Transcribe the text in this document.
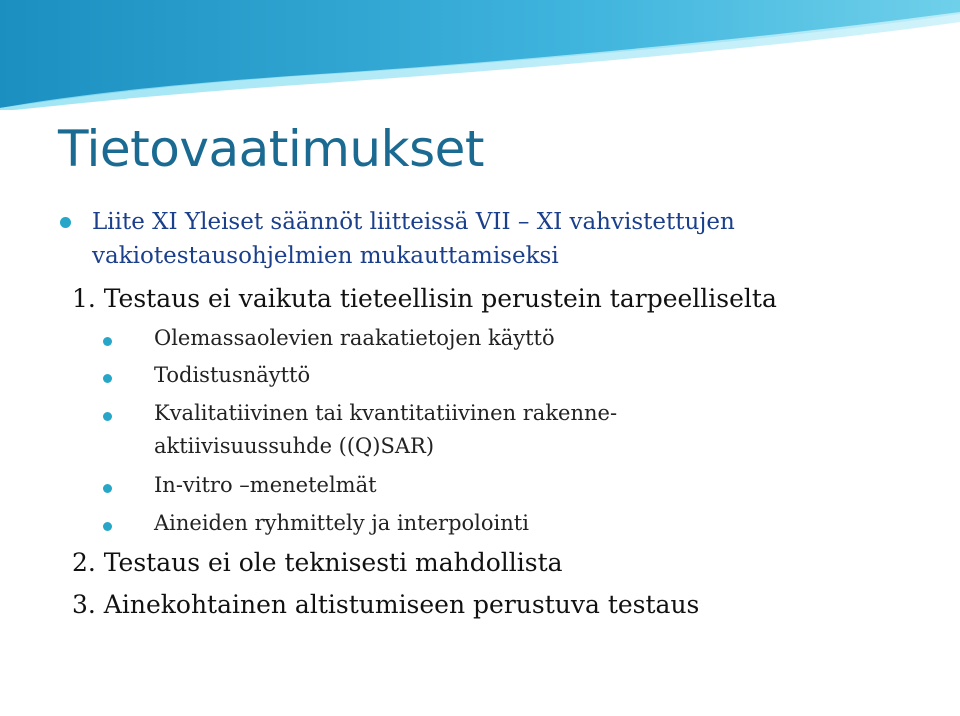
Tietovaatimukset
Liite XI Yleiset säännöt liitteissä VII – XI vahvistettujen
vakiotestausohjelmien mukauttamiseksi
1. Testaus ei vaikuta tieteellisin perustein tarpeelliselta
Olemassaolevien raakatietojen käyttö
Todistusnäyttö
Kvalitatiivinen tai kvantitatiivinen rakenne-
aktiivisuussuhde ((Q)SAR)
In-vitro –menetelmät
Aineiden ryhmittely ja interpolointi
2. Testaus ei ole teknisesti mahdollista
3. Ainekohtainen altistumiseen perustuva testaus
